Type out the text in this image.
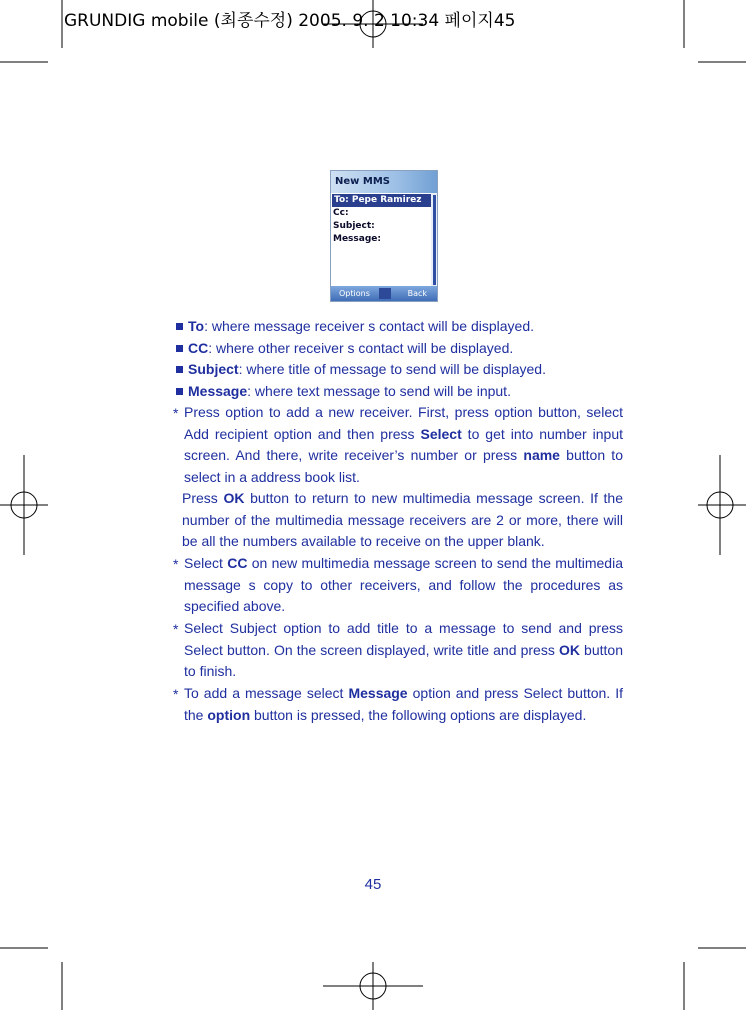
GRUNDIG mobile (최종수정) 2005. 9. 2 10:34 페이지45
New MMS
To: Pepe Ramirez
Cc:
Subject:
Message:
Options	Back
To: where message receiver s contact will be displayed.
CC: where other receiver s contact will be displayed.
Subject: where title of message to send will be displayed.
Message: where text message to send will be input.
* Press option to add a new receiver. First, press option button, select
Add recipient option and then press Select to get into number input
screen. And there, write receiver’s number or press name button to
select in a address book list.
Press OK button to return to new multimedia message screen. If the
number of the multimedia message receivers are 2 or more, there will
be all the numbers available to receive on the upper blank.
* Select CC on new multimedia message screen to send the multimedia
message s copy to other receivers, and follow the procedures as
specified above.
* Select Subject option to add title to a message to send and press
Select button. On the screen displayed, write title and press OK button
to finish.
* To add a message select Message option and press Select button. If
the option button is pressed, the following options are displayed.
45
